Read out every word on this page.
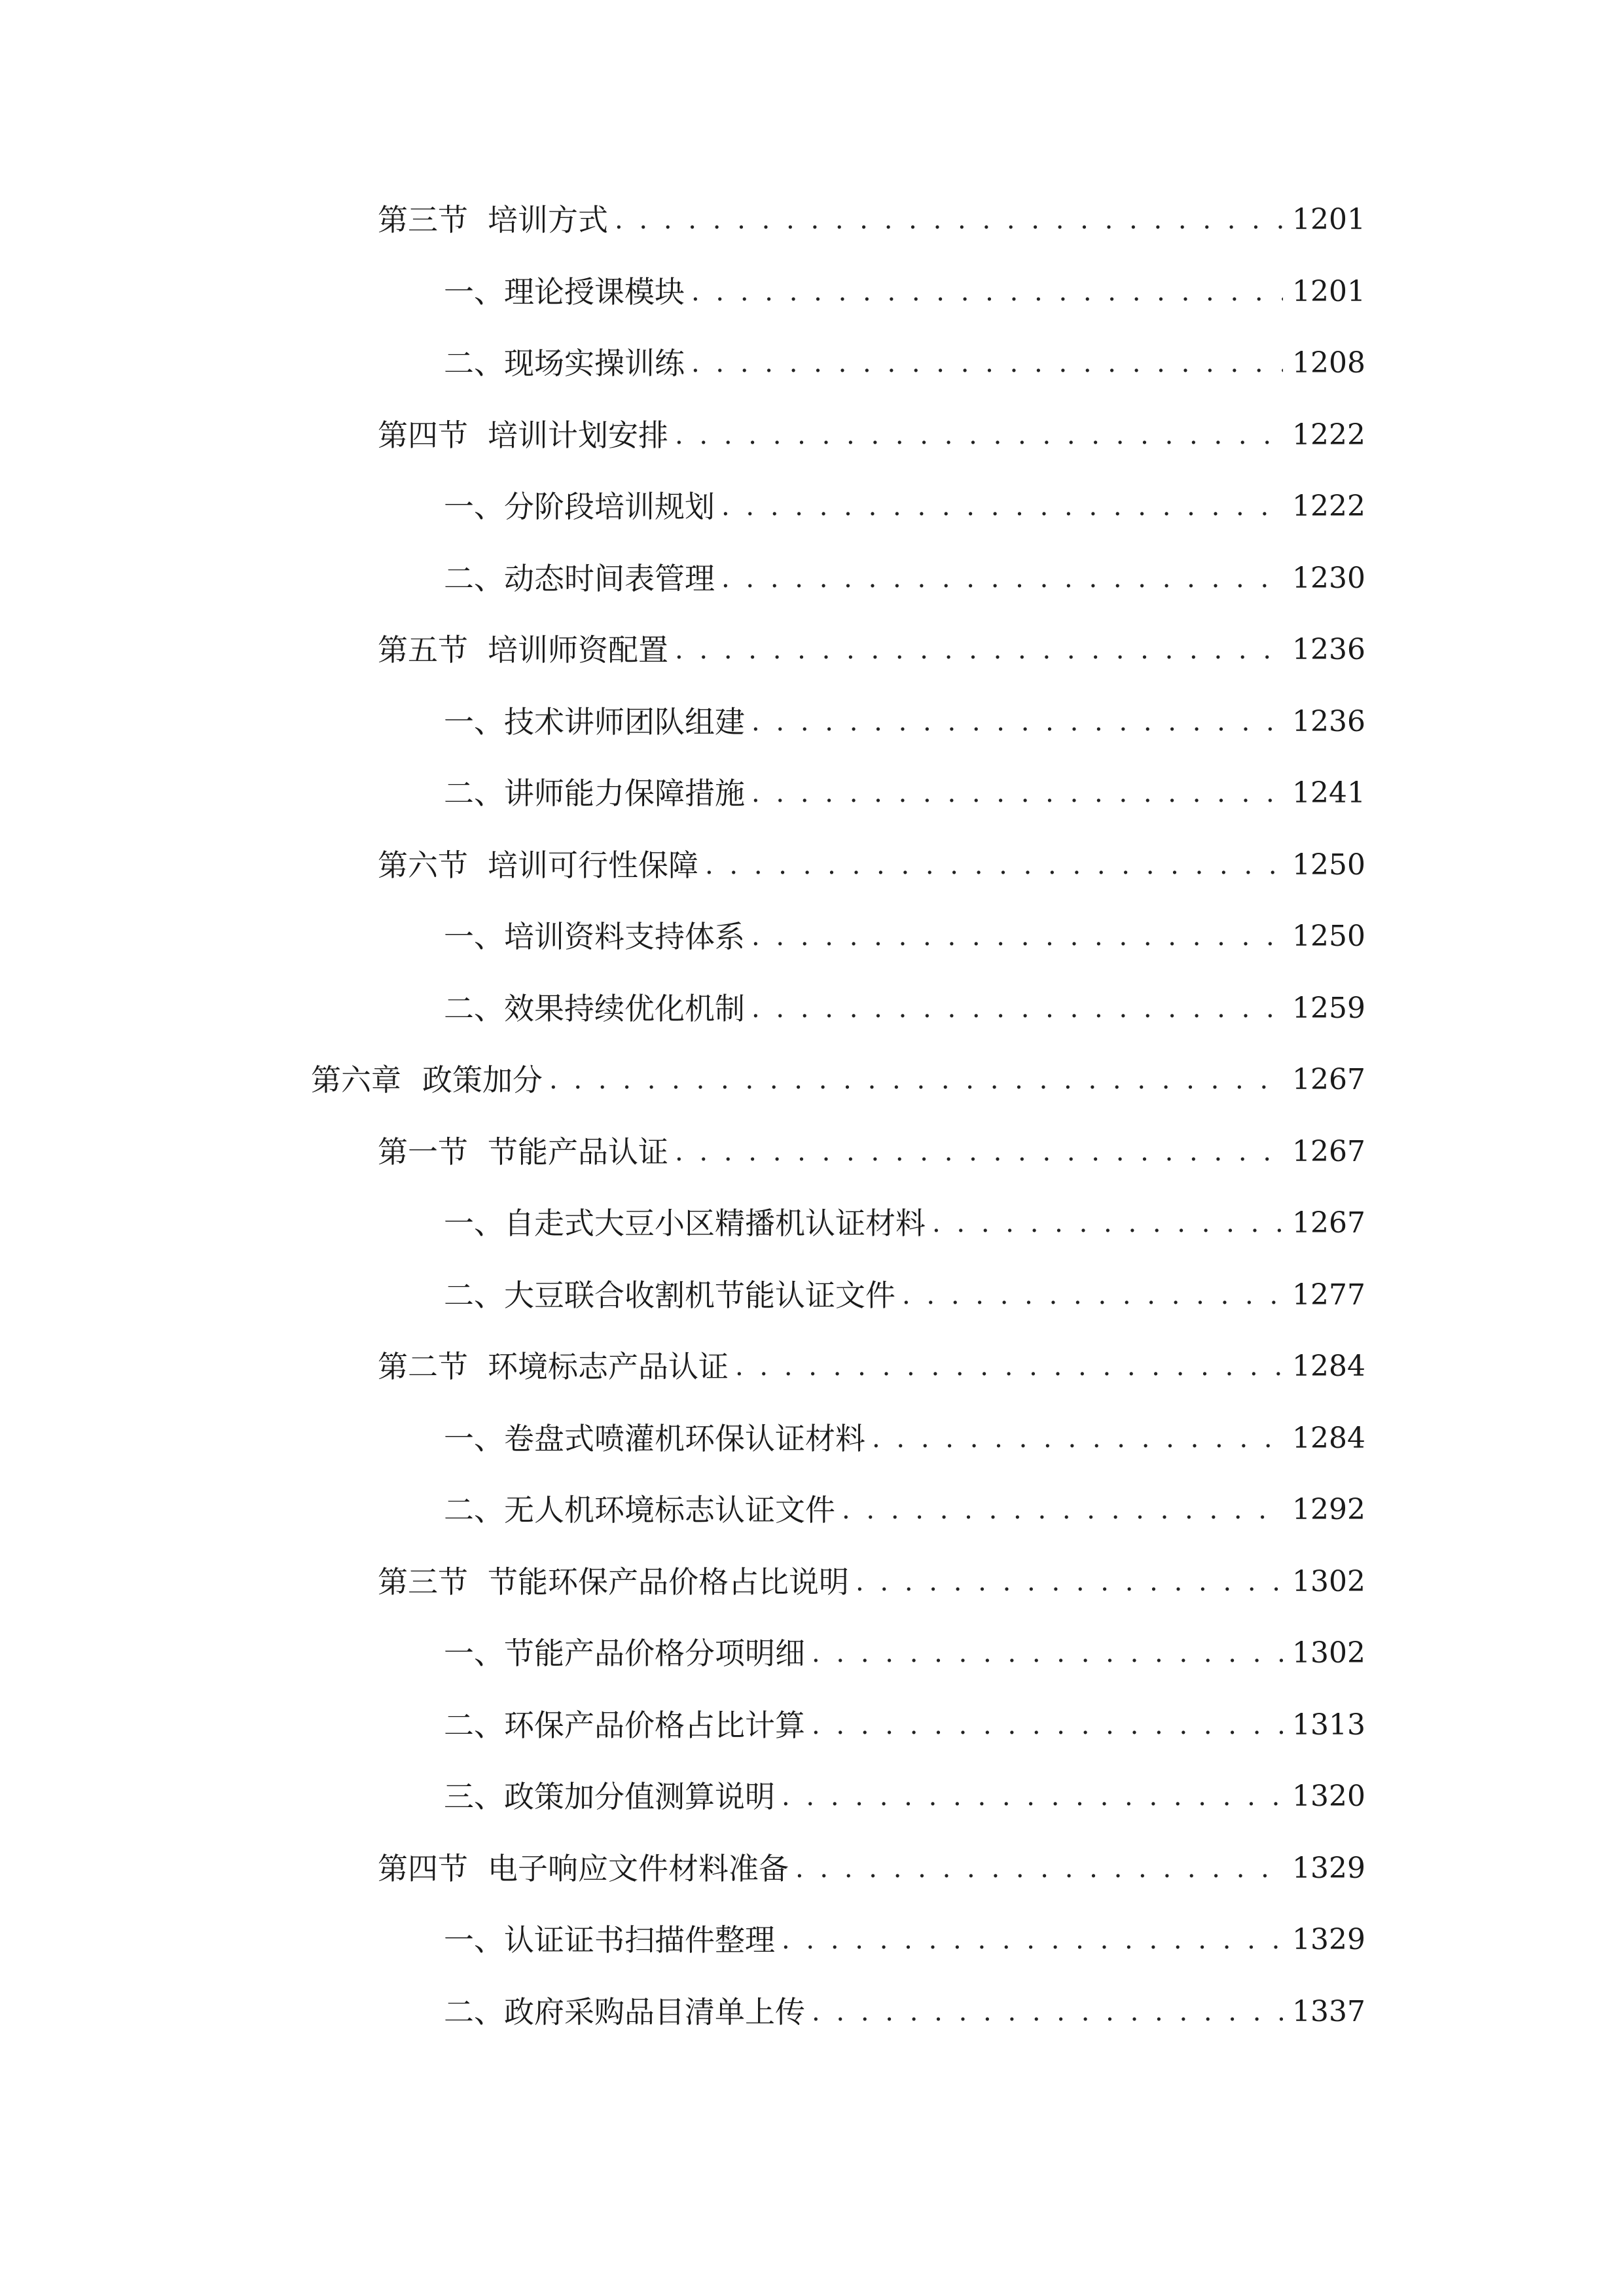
第三节 培训方式 . . .	1201
一、 理论授课模块 . . .	1201
二、 现场实操训练 . . .	1208
第四节 培训计划安排 . . .	1222
一、 分阶段培训规划 . . .	1222
二、 动态时间表管理 . . .	1230
第五节 培训师资配置 . . .	1236
一、 技术讲师团队组建 . . .	1236
二、 讲师能力保障措施 . . .	1241
第六节 培训可行性保障 . . .	1250
一、 培训资料支持体系 . . .	1250
二、 效果持续优化机制 . . .	1259
第六章 政策加分 . . .	1267
第一节 节能产品认证 . . .	1267
一、 自走式大豆小区精播机认证材料 . . .	1267
二、 大豆联合收割机节能认证文件 . . .	1277
第二节 环境标志产品认证 . . .	1284
一、 卷盘式喷灌机环保认证材料 . . .	1284
二、 无人机环境标志认证文件 . . .	1292
第三节 节能环保产品价格占比说明 . . .	1302
一、 节能产品价格分项明细 . . .	1302
二、 环保产品价格占比计算 . . .	1313
三、 政策加分值测算说明 . . .	1320
第四节 电子响应文件材料准备 . . .	1329
一、 认证证书扫描件整理 . . .	1329
二、 政府采购品目清单上传 . . .	1337
